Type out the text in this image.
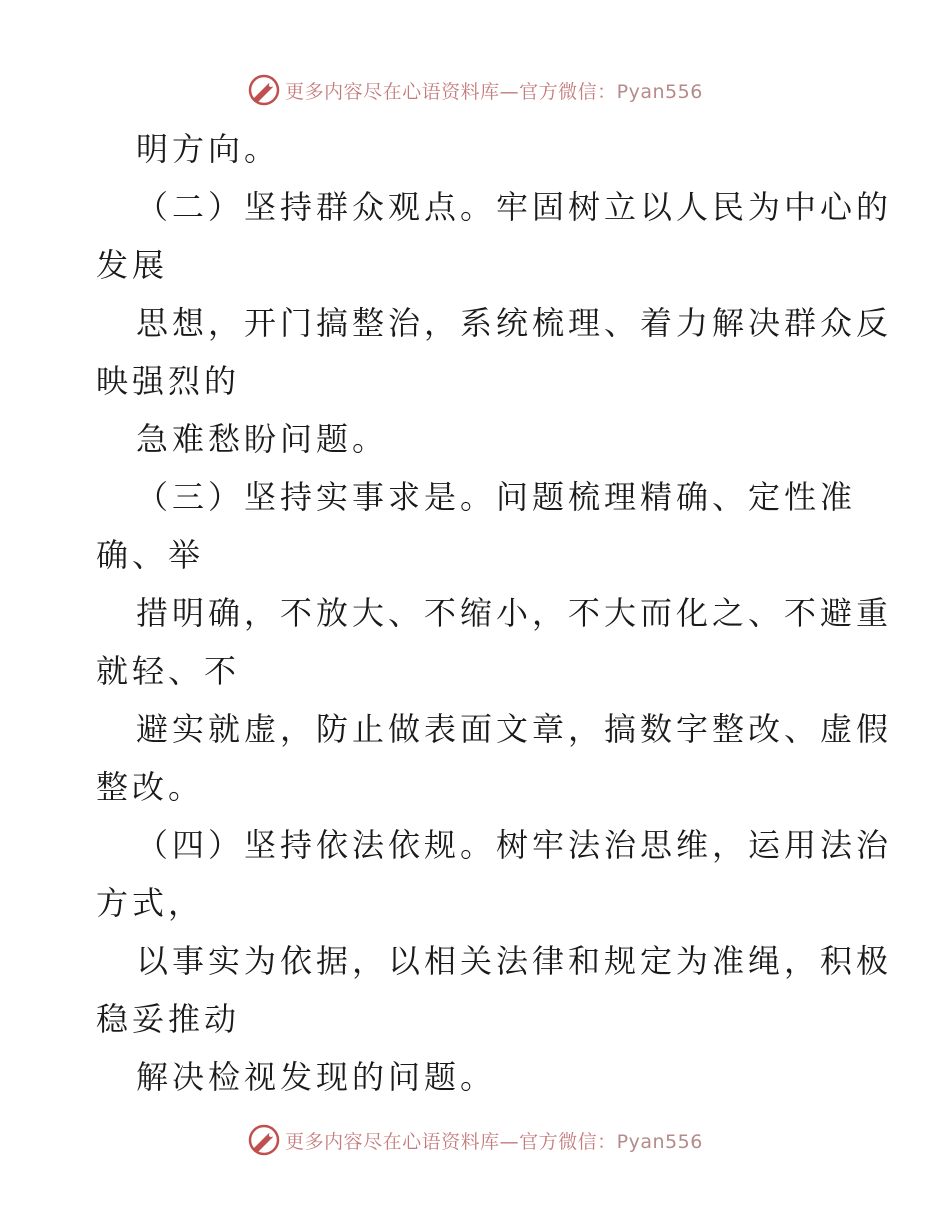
更多内容尽在心语资料库—官方微信：Pyan556
明方向。
（二）坚持群众观点。牢固树立以人民为中心的
发展
思想，开门搞整治，系统梳理、着力解决群众反
映强烈的
急难愁盼问题。
（三）坚持实事求是。问题梳理精确、定性准
确、举
措明确，不放大、不缩小，不大而化之、不避重
就轻、不
避实就虚，防止做表面文章，搞数字整改、虚假
整改。
（四）坚持依法依规。树牢法治思维，运用法治
方式，
以事实为依据，以相关法律和规定为准绳，积极
稳妥推动
解决检视发现的问题。
更多内容尽在心语资料库—官方微信：Pyan556
